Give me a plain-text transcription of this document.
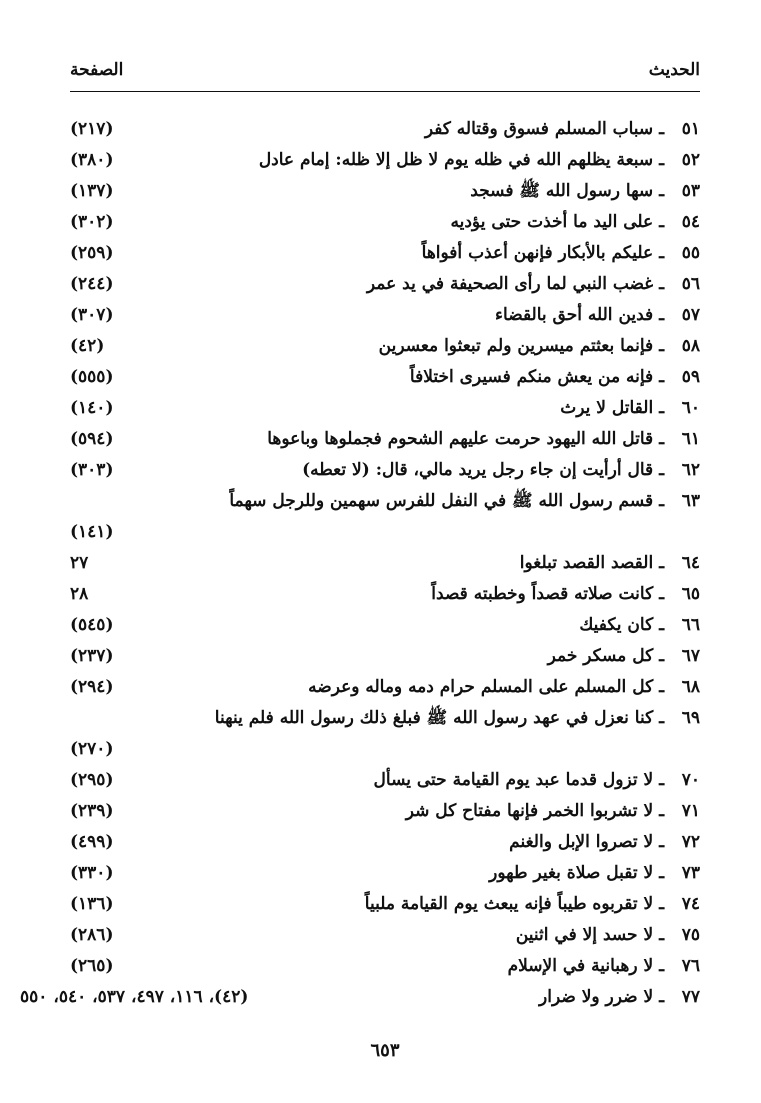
الحديث
الصفحة
٥١ ـ سباب المسلم فسوق وقتاله كفر
(٢١٧)
٥٢ ـ سبعة يظلهم الله في ظله يوم لا ظل إلا ظله: إمام عادل
(٣٨٠)
٥٣ ـ سها رسول الله ﷺ فسجد
(١٣٧)
٥٤ ـ على اليد ما أخذت حتى يؤديه
(٣٠٢)
٥٥ ـ عليكم بالأبكار فإنهن أعذب أفواهاً
(٢٥٩)
٥٦ ـ غضب النبي لما رأى الصحيفة في يد عمر
(٢٤٤)
٥٧ ـ فدين الله أحق بالقضاء
(٣٠٧)
٥٨ ـ فإنما بعثتم ميسرين ولم تبعثوا معسرين
(٤٢)
٥٩ ـ فإنه من يعش منكم فسيرى اختلافاً
(٥٥٥)
٦٠ ـ القاتل لا يرث
(١٤٠)
٦١ ـ قاتل الله اليهود حرمت عليهم الشحوم فجملوها وباعوها
(٥٩٤)
٦٢ ـ قال أرأيت إن جاء رجل يريد مالي، قال: (لا تعطه)
(٣٠٣)
٦٣ ـ قسم رسول الله ﷺ في النفل للفرس سهمين وللرجل سهماً
(١٤١)
٦٤ ـ القصد القصد تبلغوا
٢٧
٦٥ ـ كانت صلاته قصداً وخطبته قصداً
٢٨
٦٦ ـ كان يكفيك
(٥٤٥)
٦٧ ـ كل مسكر خمر
(٢٣٧)
٦٨ ـ كل المسلم على المسلم حرام دمه وماله وعرضه
(٢٩٤)
٦٩ ـ كنا نعزل في عهد رسول الله ﷺ فبلغ ذلك رسول الله فلم ينهنا
(٢٧٠)
٧٠ ـ لا تزول قدما عبد يوم القيامة حتى يسأل
(٢٩٥)
٧١ ـ لا تشربوا الخمر فإنها مفتاح كل شر
(٢٣٩)
٧٢ ـ لا تصروا الإبل والغنم
(٤٩٩)
٧٣ ـ لا تقبل صلاة بغير طهور
(٣٣٠)
٧٤ ـ لا تقربوه طيباً فإنه يبعث يوم القيامة ملبياً
(١٣٦)
٧٥ ـ لا حسد إلا في اثنين
(٢٨٦)
٧٦ ـ لا رهبانية في الإسلام
(٢٦٥)
٧٧ ـ لا ضرر ولا ضرار
(٤٢)، ١١٦، ٤٩٧، ٥٣٧، ٥٤٠، ٥٥٠
٦٥٣
